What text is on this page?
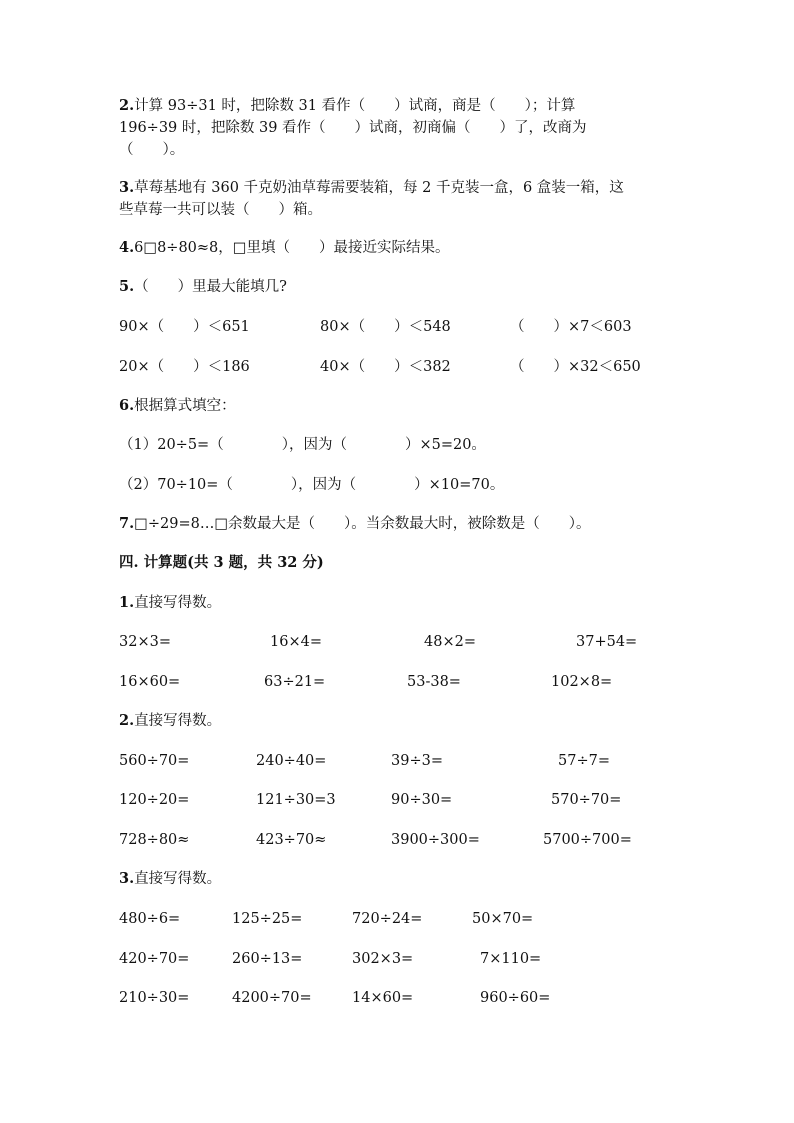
2.计算 93÷31 时，把除数 31 看作（　　）试商，商是（　　）；计算
196÷39 时，把除数 39 看作（　　）试商，初商偏（　　）了，改商为
（　　）。
3.草莓基地有 360 千克奶油草莓需要装箱，每 2 千克装一盒，6 盒装一箱，这
些草莓一共可以装（　　）箱。
4.6□8÷80≈8，□里填（　　）最接近实际结果。
5.（　　）里最大能填几?
90×（　　）＜651	80×（　　）＜548	（　　）×7＜603
20×（　　）＜186	40×（　　）＜382	（　　）×32＜650
6.根据算式填空：
（1）20÷5=（　　　　），因为（　　　　）×5=20。
（2）70÷10=（　　　　），因为（　　　　）×10=70。
7.□÷29=8…□余数最大是（　　）。当余数最大时，被除数是（　　）。
四. 计算题(共 3 题，共 32 分)
1.直接写得数。
32×3=	16×4=	48×2=	37+54=
16×60=	63÷21=	53-38=	102×8=
2.直接写得数。
560÷70=	240÷40=	39÷3=	57÷7=
120÷20=	121÷30=3	90÷30=	570÷70=
728÷80≈	423÷70≈	3900÷300=	5700÷700=
3.直接写得数。
480÷6=	125÷25=	720÷24=	50×70=
420÷70=	260÷13=	302×3=	7×110=
210÷30=	4200÷70=	14×60=	960÷60=
